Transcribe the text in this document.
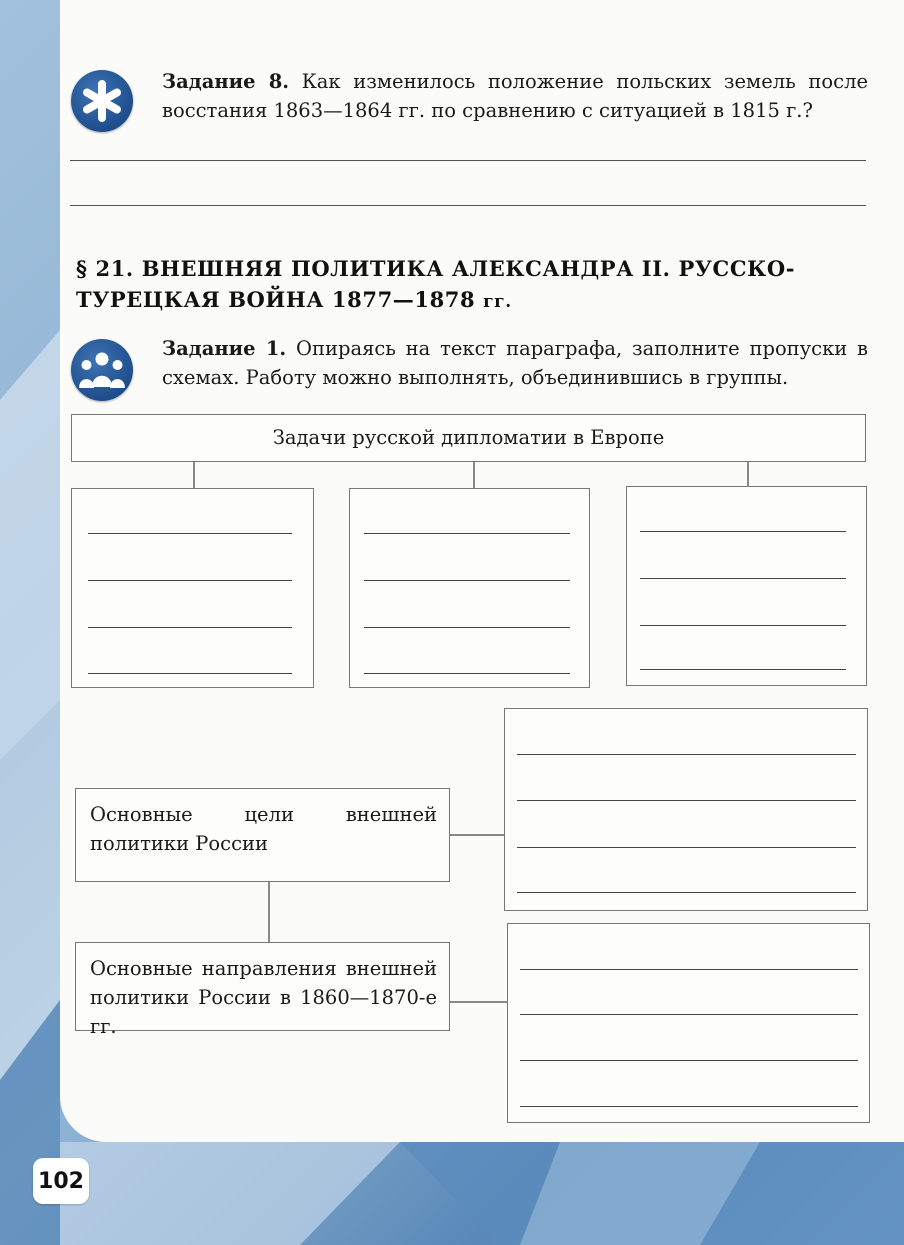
Задание 8. Как изменилось положение польских земель после восстания 1863—1864 гг. по сравнению с ситуацией в 1815 г.?
§ 21. ВНЕШНЯЯ ПОЛИТИКА АЛЕКСАНДРА II. РУССКО-ТУРЕЦКАЯ ВОЙНА 1877—1878 гг.
Задание 1. Опираясь на текст параграфа, заполните пропуски в схемах. Работу можно выполнять, объединившись в группы.
Задачи русской дипломатии в Европе
Основные цели внешней политики России
Основные направления внешней политики России в 1860—1870-е гг.
102
